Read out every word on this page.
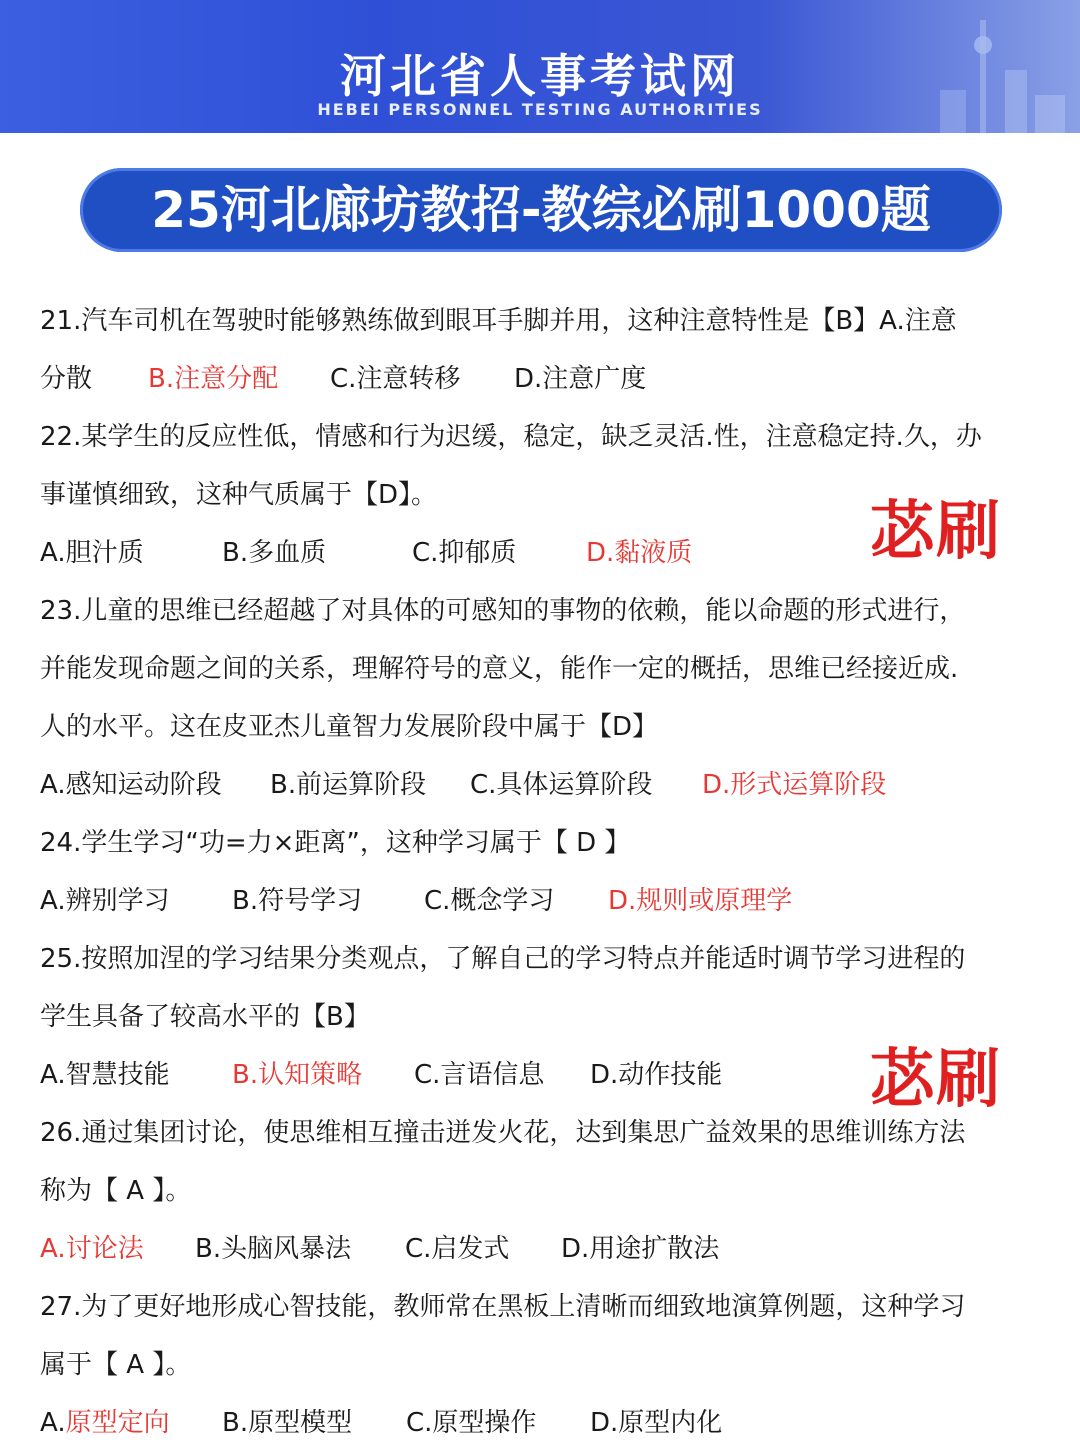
河北省人事考试网
HEBEI PERSONNEL TESTING AUTHORITIES
25河北廊坊教招-教综必刷1000题
苾刷
苾刷
21.汽车司机在驾驶时能够熟练做到眼耳手脚并用，这种注意特性是【B】A.注意
分散 B.注意分配 C.注意转移 D.注意广度
22.某学生的反应性低，情感和行为迟缓，稳定，缺乏灵活.性，注意稳定持.久，办
事谨慎细致，这种气质属于【D】。
A.胆汁质	B.多血质	C.抑郁质	D.黏液质
23.儿童的思维已经超越了对具体的可感知的事物的依赖，能以命题的形式进行，
并能发现命题之间的关系，理解符号的意义，能作一定的概括，思维已经接近成.
人的水平。这在皮亚杰儿童智力发展阶段中属于【D】
A.感知运动阶段 B.前运算阶段 C.具体运算阶段 D.形式运算阶段
24.学生学习“功=力×距离”，这种学习属于【 D 】
A.辨别学习 B.符号学习 C.概念学习 D.规则或原理学
25.按照加涅的学习结果分类观点，了解自己的学习特点并能适时调节学习进程的
学生具备了较高水平的【B】
A.智慧技能 B.认知策略 C.言语信息 D.动作技能
26.通过集团讨论，使思维相互撞击迸发火花，达到集思广益效果的思维训练方法
称为【 A 】。
A.讨论法 B.头脑风暴法 C.启发式 D.用途扩散法
27.为了更好地形成心智技能，教师常在黑板上清晰而细致地演算例题，这种学习
属于【 A 】。
A.原型定向 B.原型模型 C.原型操作 D.原型内化
